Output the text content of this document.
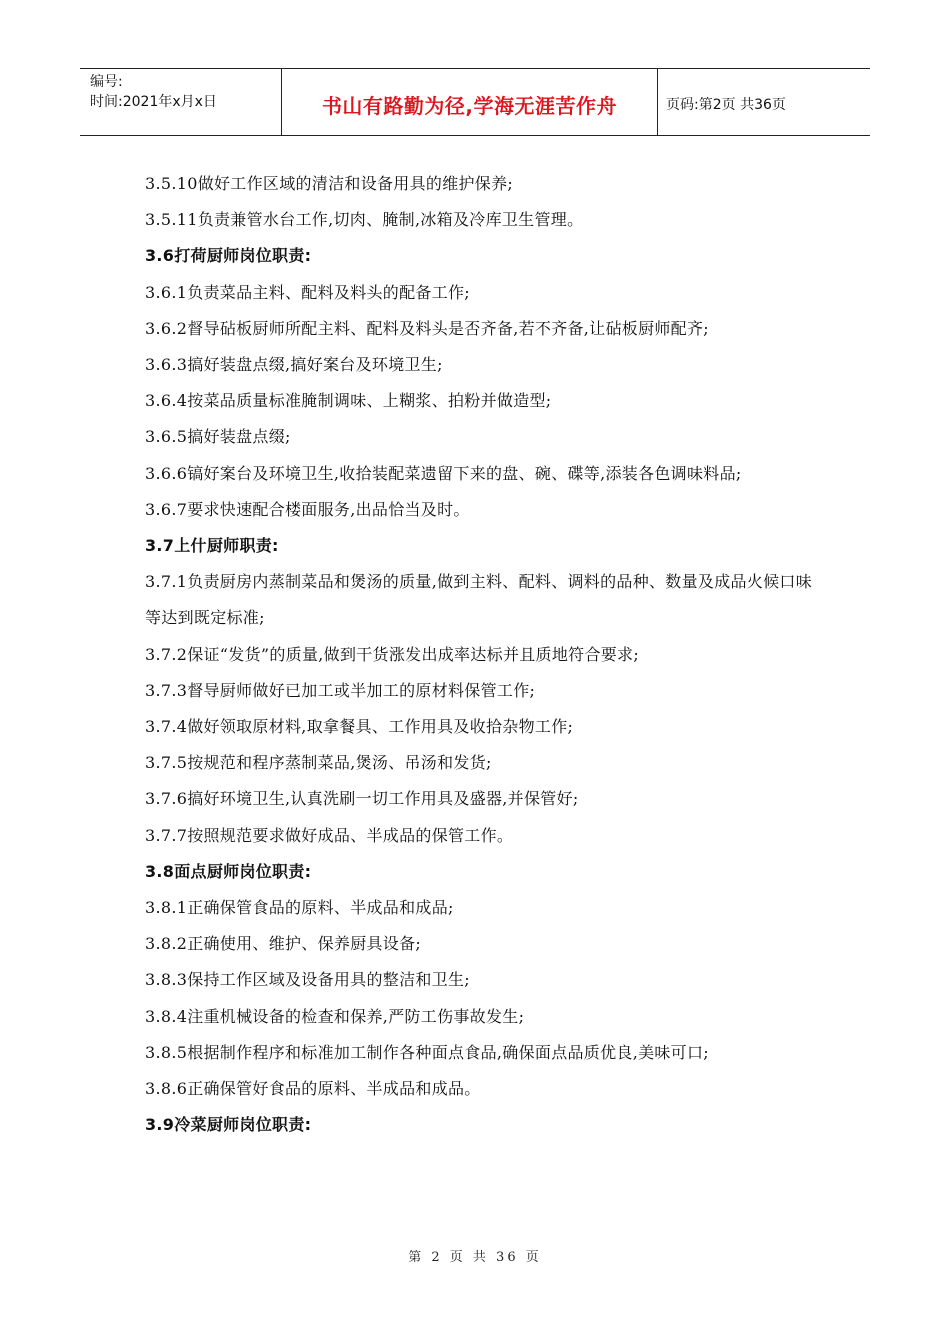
编号:
时间:2021年x月x日	书山有路勤为径,学海无涯苦作舟	页码:第2页 共36页

3.5.10做好工作区域的清洁和设备用具的维护保养;

3.5.11负责兼管水台工作,切肉、腌制,冰箱及冷库卫生管理。

3.6打荷厨师岗位职责:

3.6.1负责菜品主料、配料及料头的配备工作;

3.6.2督导砧板厨师所配主料、配料及料头是否齐备,若不齐备,让砧板厨师配齐;

3.6.3搞好装盘点缀,搞好案台及环境卫生;

3.6.4按菜品质量标准腌制调味、上糊浆、拍粉并做造型;

3.6.5搞好装盘点缀;

3.6.6镐好案台及环境卫生,收拾装配菜遗留下来的盘、碗、碟等,添装各色调味料品;

3.6.7要求快速配合楼面服务,出品恰当及时。

3.7上什厨师职责:

3.7.1负责厨房内蒸制菜品和煲汤的质量,做到主料、配料、调料的品种、数量及成品火候口味等达到既定标准;

3.7.2保证“发货”的质量,做到干货涨发出成率达标并且质地符合要求;

3.7.3督导厨师做好已加工或半加工的原材料保管工作;

3.7.4做好领取原材料,取拿餐具、工作用具及收拾杂物工作;

3.7.5按规范和程序蒸制菜品,煲汤、吊汤和发货;

3.7.6搞好环境卫生,认真洗刷一切工作用具及盛器,并保管好;

3.7.7按照规范要求做好成品、半成品的保管工作。

3.8面点厨师岗位职责:

3.8.1正确保管食品的原料、半成品和成品;

3.8.2正确使用、维护、保养厨具设备;

3.8.3保持工作区域及设备用具的整洁和卫生;

3.8.4注重机械设备的检查和保养,严防工伤事故发生;

3.8.5根据制作程序和标准加工制作各种面点食品,确保面点品质优良,美味可口;

3.8.6正确保管好食品的原料、半成品和成品。

3.9冷菜厨师岗位职责:

第 2 页 共 36 页
